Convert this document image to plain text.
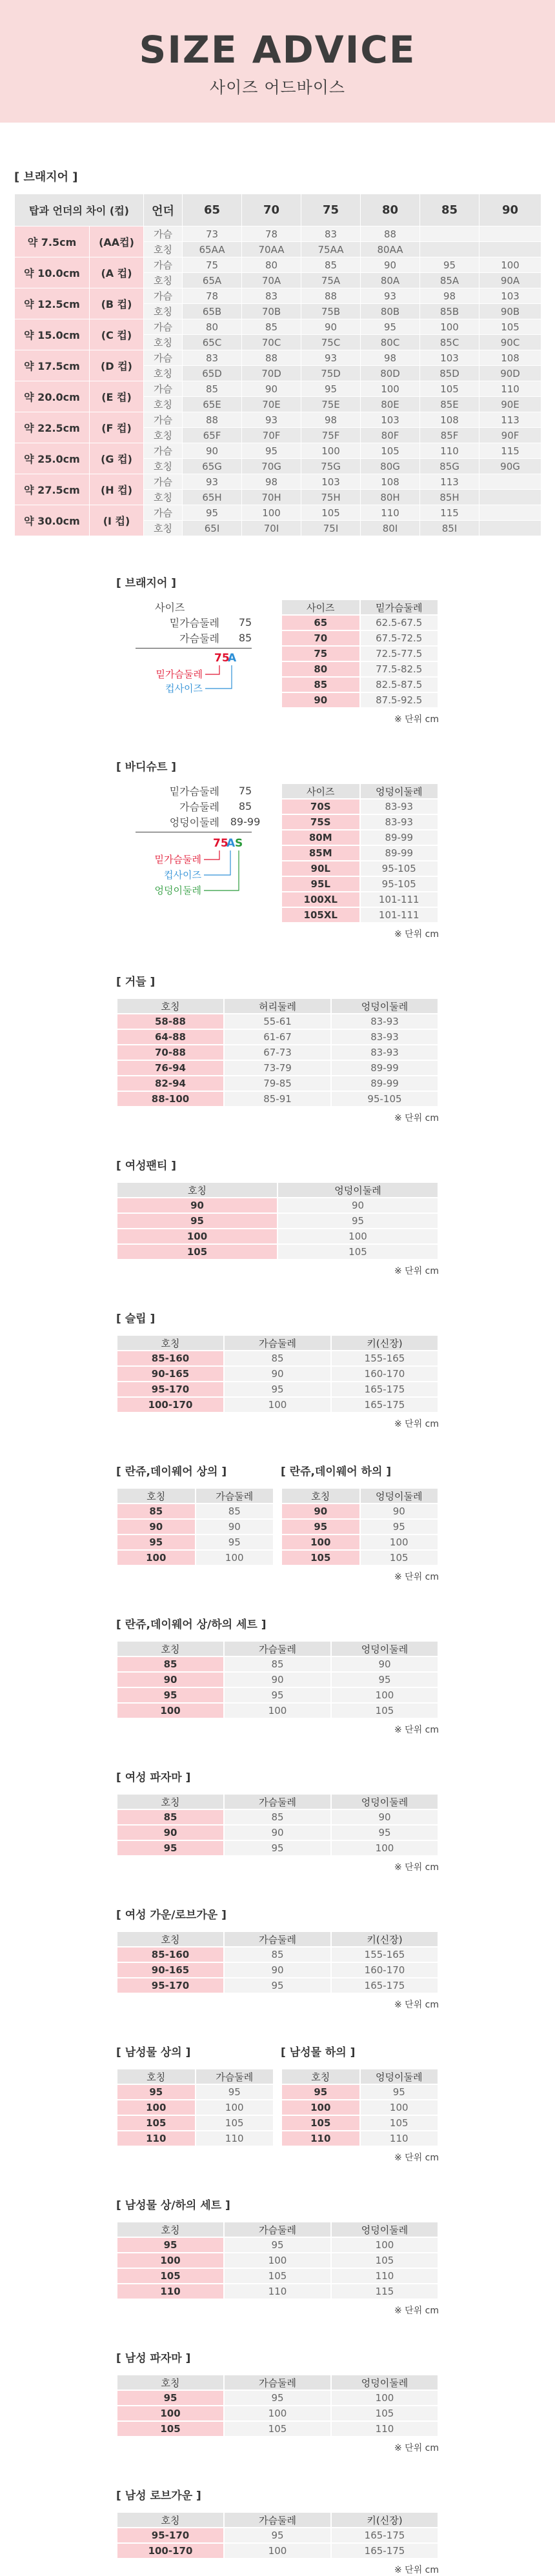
SIZE ADVICE
사이즈 어드바이스
[ 브래지어 ]
탑과 언더의 차이 (컵)		언더	65	70	75	80	85	90
약 7.5cm	(AA컵)	가슴	73	78	83	88		
		호칭	65AA	70AA	75AA	80AA		
약 10.0cm	(A 컵)	가슴	75	80	85	90	95	100
		호칭	65A	70A	75A	80A	85A	90A
약 12.5cm	(B 컵)	가슴	78	83	88	93	98	103
		호칭	65B	70B	75B	80B	85B	90B
약 15.0cm	(C 컵)	가슴	80	85	90	95	100	105
		호칭	65C	70C	75C	80C	85C	90C
약 17.5cm	(D 컵)	가슴	83	88	93	98	103	108
		호칭	65D	70D	75D	80D	85D	90D
약 20.0cm	(E 컵)	가슴	85	90	95	100	105	110
		호칭	65E	70E	75E	80E	85E	90E
약 22.5cm	(F 컵)	가슴	88	93	98	103	108	113
		호칭	65F	70F	75F	80F	85F	90F
약 25.0cm	(G 컵)	가슴	90	95	100	105	110	115
		호칭	65G	70G	75G	80G	85G	90G
약 27.5cm	(H 컵)	가슴	93	98	103	108	113	
		호칭	65H	70H	75H	80H	85H	
약 30.0cm	(I 컵)	가슴	95	100	105	110	115	
		호칭	65I	70I	75I	80I	85I	
[ 브래지어 ]
사이즈
밑가슴둘레	75
가슴둘레	85
75
A
밑가슴둘레
컵사이즈
사이즈	밑가슴둘레
65	62.5-67.5
70	67.5-72.5
75	72.5-77.5
80	77.5-82.5
85	82.5-87.5
90	87.5-92.5
※ 단위 cm
[ 바디슈트 ]
밑가슴둘레	75
가슴둘레	85
엉덩이둘레	89-99
75
A S
밑가슴둘레
컵사이즈
엉덩이둘레
사이즈	엉덩이둘레
70S	83-93
75S	83-93
80M	89-99
85M	89-99
90L	95-105
95L	95-105
100XL	101-111
105XL	101-111
※ 단위 cm
[ 거들 ]
호칭	허리둘레	엉덩이둘레
58-88	55-61	83-93
64-88	61-67	83-93
70-88	67-73	83-93
76-94	73-79	89-99
82-94	79-85	89-99
88-100	85-91	95-105
※ 단위 cm
[ 여성팬티 ]
호칭	엉덩이둘레
90	90
95	95
100	100
105	105
※ 단위 cm
[ 슬립 ]
호칭	가슴둘레	키(신장)
85-160	85	155-165
90-165	90	160-170
95-170	95	165-175
100-170	100	165-175
※ 단위 cm
[ 란쥬,데이웨어 상의 ]
호칭	가슴둘레
85	85
90	90
95	95
100	100
[ 란쥬,데이웨어 하의 ]
호칭	엉덩이둘레
90	90
95	95
100	100
105	105
※ 단위 cm
[ 란쥬,데이웨어 상/하의 세트 ]
호칭	가슴둘레	엉덩이둘레
85	85	90
90	90	95
95	95	100
100	100	105
※ 단위 cm
[ 여성 파자마 ]
호칭	가슴둘레	엉덩이둘레
85	85	90
90	90	95
95	95	100
※ 단위 cm
[ 여성 가운/로브가운 ]
호칭	가슴둘레	키(신장)
85-160	85	155-165
90-165	90	160-170
95-170	95	165-175
※ 단위 cm
[ 남성물 상의 ]
호칭	가슴둘레
95	95
100	100
105	105
110	110
[ 남성물 하의 ]
호칭	엉덩이둘레
95	95
100	100
105	105
110	110
※ 단위 cm
[ 남성물 상/하의 세트 ]
호칭	가슴둘레	엉덩이둘레
95	95	100
100	100	105
105	105	110
110	110	115
※ 단위 cm
[ 남성 파자마 ]
호칭	가슴둘레	엉덩이둘레
95	95	100
100	100	105
105	105	110
※ 단위 cm
[ 남성 로브가운 ]
호칭	가슴둘레	키(신장)
95-170	95	165-175
100-170	100	165-175
※ 단위 cm
